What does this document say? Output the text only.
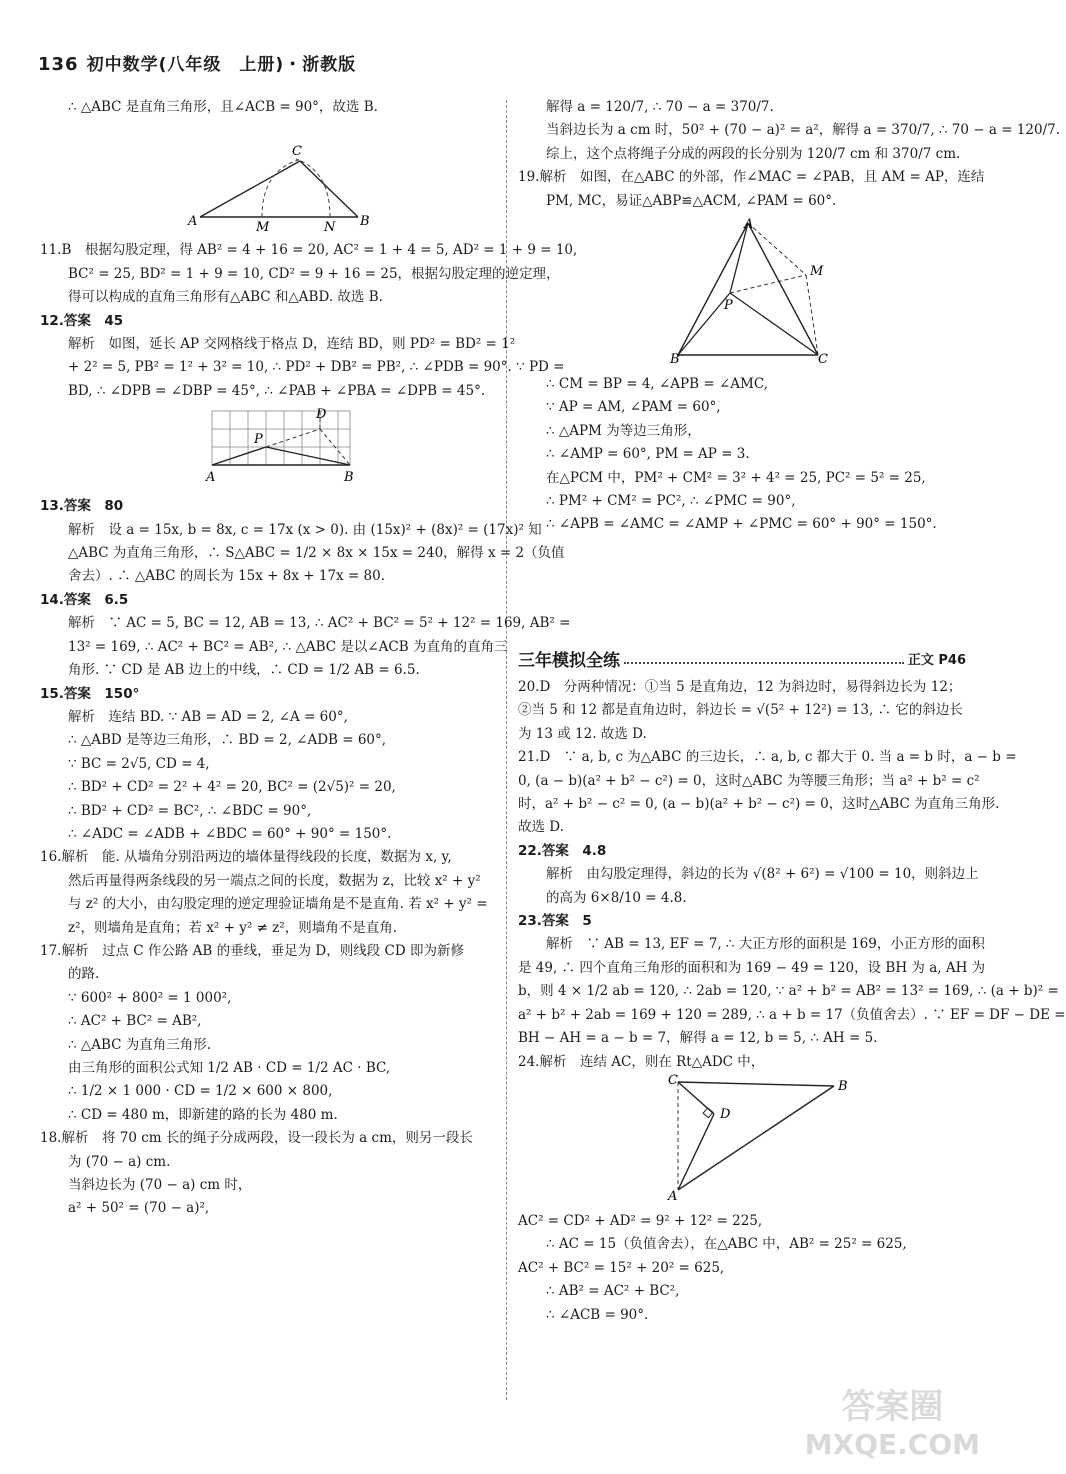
136 初中数学(八年级　上册)・浙教版
∴ △ABC 是直角三角形，且∠ACB = 90°，故选 B.
C
A	M	N B
11.B　根据勾股定理，得 AB² = 4 + 16 = 20, AC² = 1 + 4 = 5, AD² = 1 + 9 = 10,
BC² = 25, BD² = 1 + 9 = 10, CD² = 9 + 16 = 25，根据勾股定理的逆定理，
得可以构成的直角三角形有△ABC 和△ABD. 故选 B.
12.答案　45
解析　如图，延长 AP 交网格线于格点 D，连结 BD，则 PD² = BD² = 1²
+ 2² = 5, PB² = 1² + 3² = 10, ∴ PD² + DB² = PB², ∴ ∠PDB = 90°. ∵ PD =
BD, ∴ ∠DPB = ∠DBP = 45°, ∴ ∠PAB + ∠PBA = ∠DPB = 45°.
D
P
A	B
13.答案　80
解析　设 a = 15x, b = 8x, c = 17x (x > 0). 由 (15x)² + (8x)² = (17x)² 知
△ABC 为直角三角形，∴ S△ABC = 1/2 × 8x × 15x = 240，解得 x = 2（负值
舍去）. ∴ △ABC 的周长为 15x + 8x + 17x = 80.
14.答案　6.5
解析　∵ AC = 5, BC = 12, AB = 13, ∴ AC² + BC² = 5² + 12² = 169, AB² =
13² = 169, ∴ AC² + BC² = AB², ∴ △ABC 是以∠ACB 为直角的直角三
角形. ∵ CD 是 AB 边上的中线，∴ CD = 1/2 AB = 6.5.
15.答案　150°
解析　连结 BD. ∵ AB = AD = 2, ∠A = 60°,
∴ △ABD 是等边三角形，∴ BD = 2, ∠ADB = 60°,
∵ BC = 2√5, CD = 4,
∴ BD² + CD² = 2² + 4² = 20, BC² = (2√5)² = 20,
∴ BD² + CD² = BC², ∴ ∠BDC = 90°,
∴ ∠ADC = ∠ADB + ∠BDC = 60° + 90° = 150°.
16.解析　能. 从墙角分别沿两边的墙体量得线段的长度，数据为 x, y,
然后再量得两条线段的另一端点之间的长度，数据为 z，比较 x² + y²
与 z² 的大小，由勾股定理的逆定理验证墙角是不是直角. 若 x² + y² =
z²，则墙角是直角；若 x² + y² ≠ z²，则墙角不是直角.
17.解析　过点 C 作公路 AB 的垂线，垂足为 D，则线段 CD 即为新修
的路.
∵ 600² + 800² = 1 000²,
∴ AC² + BC² = AB²,
∴ △ABC 为直角三角形.
由三角形的面积公式知 1/2 AB · CD = 1/2 AC · BC,
∴ 1/2 × 1 000 · CD = 1/2 × 600 × 800,
∴ CD = 480 m，即新建的路的长为 480 m.
18.解析　将 70 cm 长的绳子分成两段，设一段长为 a cm，则另一段长
为 (70 − a) cm.
当斜边长为 (70 − a) cm 时，
a² + 50² = (70 − a)²,
解得 a = 120/7, ∴ 70 − a = 370/7.
当斜边长为 a cm 时，50² + (70 − a)² = a²，解得 a = 370/7, ∴ 70 − a = 120/7.
综上，这个点将绳子分成的两段的长分别为 120/7 cm 和 370/7 cm.
19.解析　如图，在△ABC 的外部，作∠MAC = ∠PAB，且 AM = AP，连结
PM, MC，易证△ABP≌△ACM, ∠PAM = 60°.
A
M
P
B	C
∴ CM = BP = 4, ∠APB = ∠AMC,
∵ AP = AM, ∠PAM = 60°,
∴ △APM 为等边三角形，
∴ ∠AMP = 60°, PM = AP = 3.
在△PCM 中，PM² + CM² = 3² + 4² = 25, PC² = 5² = 25,
∴ PM² + CM² = PC², ∴ ∠PMC = 90°,
∴ ∠APB = ∠AMC = ∠AMP + ∠PMC = 60° + 90° = 150°.
三年模拟全练	正文 P46
20.D　分两种情况：①当 5 是直角边，12 为斜边时，易得斜边长为 12；
②当 5 和 12 都是直角边时，斜边长 = √(5² + 12²) = 13, ∴ 它的斜边长
为 13 或 12. 故选 D.
21.D　∵ a, b, c 为△ABC 的三边长，∴ a, b, c 都大于 0. 当 a = b 时，a − b =
0, (a − b)(a² + b² − c²) = 0，这时△ABC 为等腰三角形；当 a² + b² = c²
时，a² + b² − c² = 0, (a − b)(a² + b² − c²) = 0，这时△ABC 为直角三角形.
故选 D.
22.答案　4.8
解析　由勾股定理得，斜边的长为 √(8² + 6²) = √100 = 10，则斜边上
的高为 6×8/10 = 4.8.
23.答案　5
解析　∵ AB = 13, EF = 7, ∴ 大正方形的面积是 169，小正方形的面积
是 49, ∴ 四个直角三角形的面积和为 169 − 49 = 120，设 BH 为 a, AH 为
b，则 4 × 1/2 ab = 120, ∴ 2ab = 120, ∵ a² + b² = AB² = 13² = 169, ∴ (a + b)² =
a² + b² + 2ab = 169 + 120 = 289, ∴ a + b = 17（负值舍去）. ∵ EF = DF − DE =
BH − AH = a − b = 7，解得 a = 12, b = 5, ∴ AH = 5.
24.解析　连结 AC，则在 Rt△ADC 中，
C	B
D
A
AC² = CD² + AD² = 9² + 12² = 225,
∴ AC = 15（负值舍去），在△ABC 中，AB² = 25² = 625,
AC² + BC² = 15² + 20² = 625,
∴ AB² = AC² + BC²,
∴ ∠ACB = 90°.
答案圈
MXQE.COM
